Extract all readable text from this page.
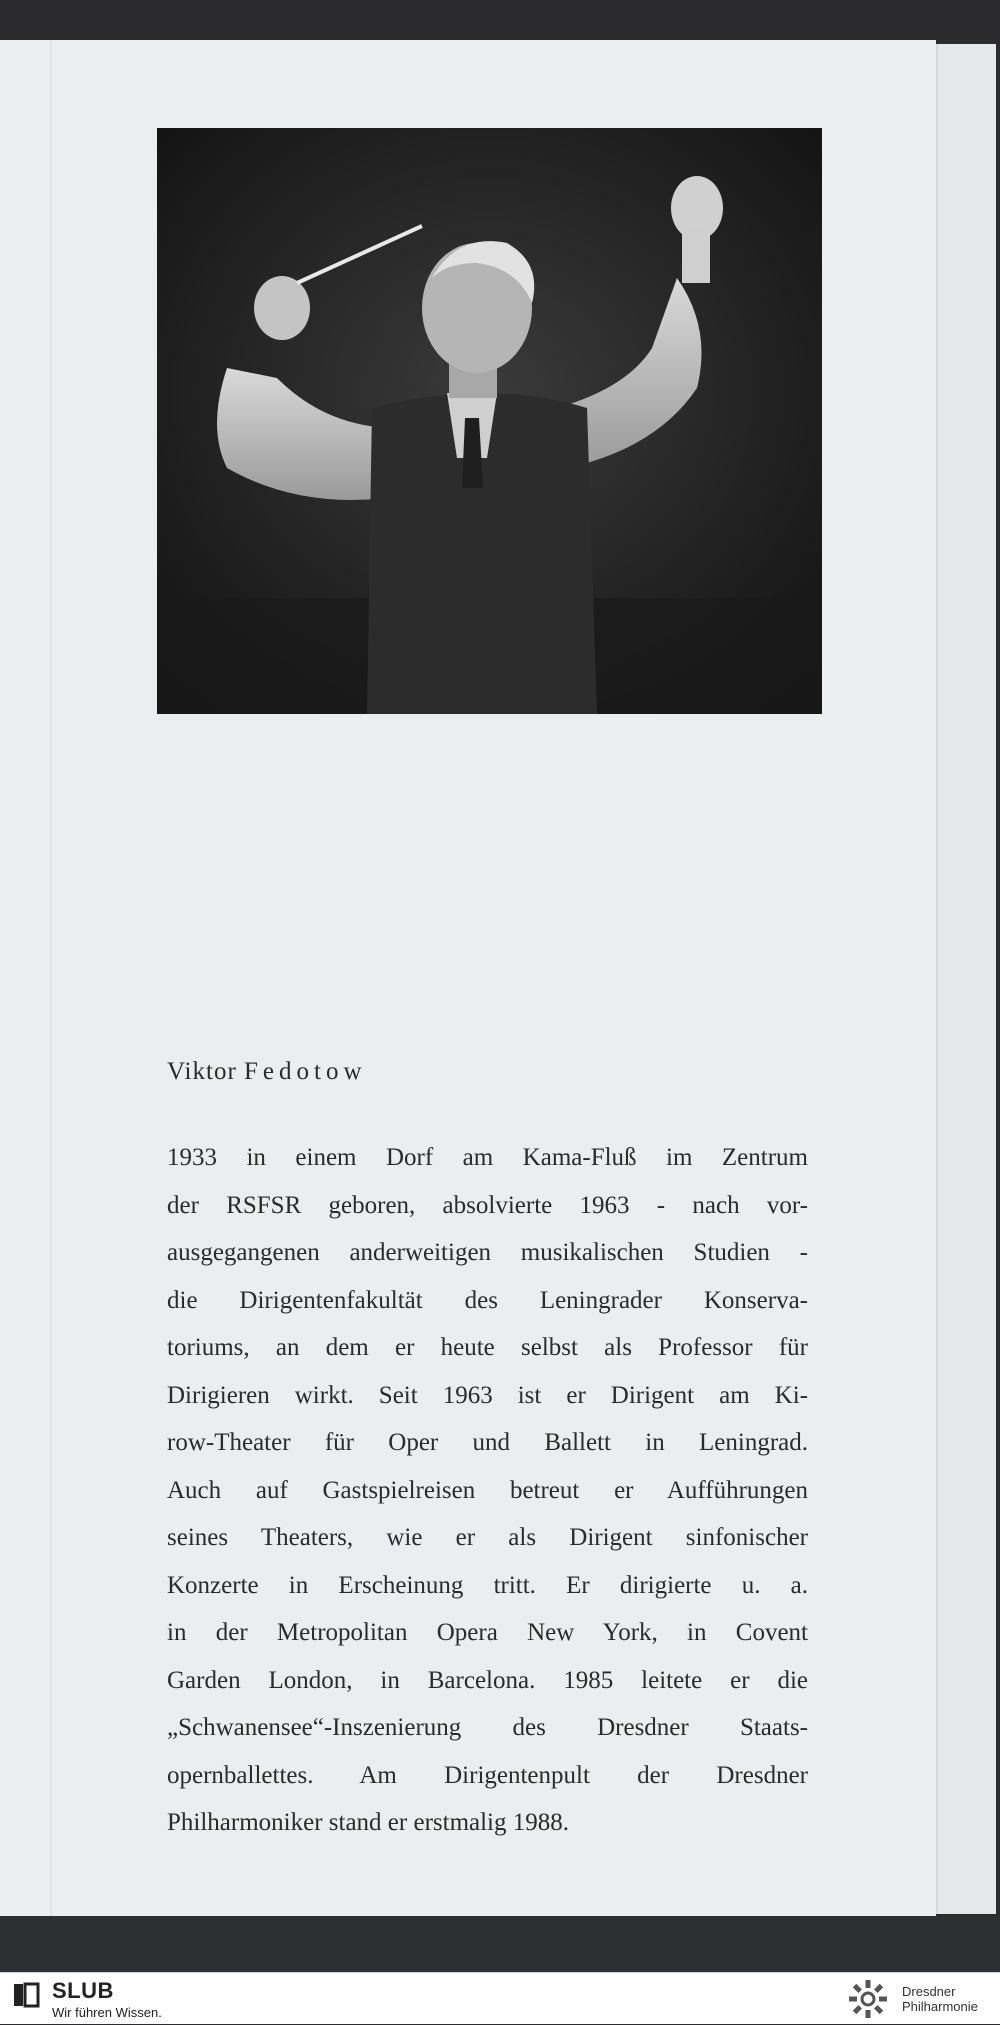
Viktor Fedotow

1933 in einem Dorf am Kama-Fluß im Zentrum

der RSFSR geboren, absolvierte 1963 - nach vor-

ausgegangenen anderweitigen musikalischen Studien -

die Dirigentenfakultät des Leningrader Konserva-

toriums, an dem er heute selbst als Professor für

Dirigieren wirkt. Seit 1963 ist er Dirigent am Ki-

row-Theater für Oper und Ballett in Leningrad.

Auch auf Gastspielreisen betreut er Aufführungen

seines Theaters, wie er als Dirigent sinfonischer

Konzerte in Erscheinung tritt. Er dirigierte u. a.

in der Metropolitan Opera New York, in Covent

Garden London, in Barcelona. 1985 leitete er die

„Schwanensee“-Inszenierung des Dresdner Staats-

opernballettes. Am Dirigentenpult der Dresdner

Philharmoniker stand er erstmalig 1988.

SLUB
Wir führen Wissen.
Dresdner
Philharmonie
